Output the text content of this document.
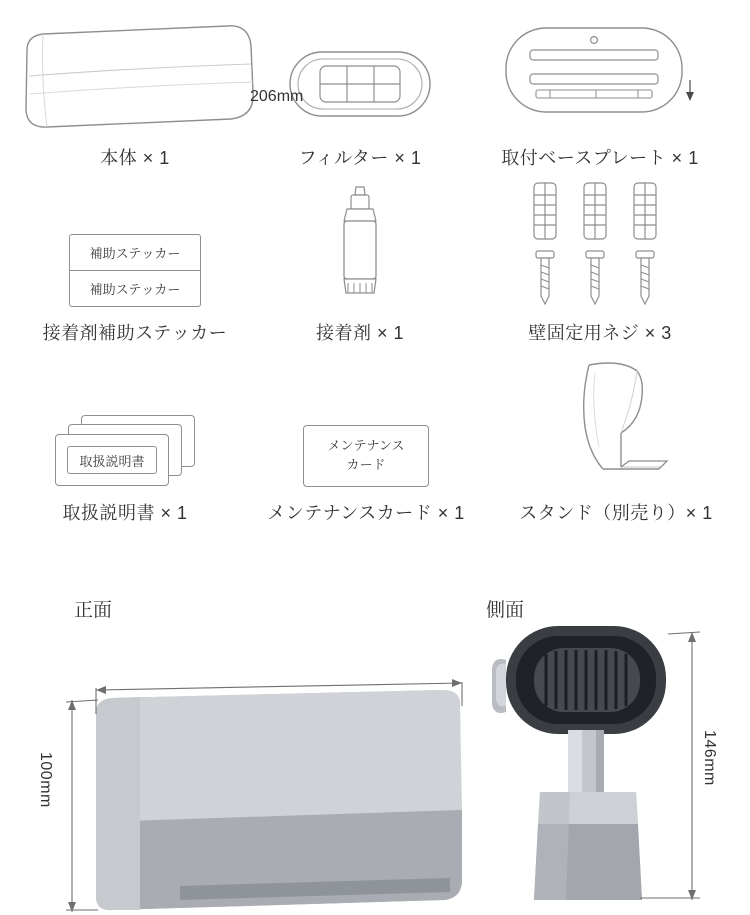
本体 × 1	フィルター × 1	取付ベースプレート × 1
補助ステッカー
補助ステッカー
接着剤補助ステッカー	接着剤 × 1	壁固定用ネジ × 3
取扱説明書
取扱説明書 × 1
メンテナンス
カード
メンテナンスカード × 1	スタンド（別売り）× 1
正面	側面
206mm
100mm	146mm
